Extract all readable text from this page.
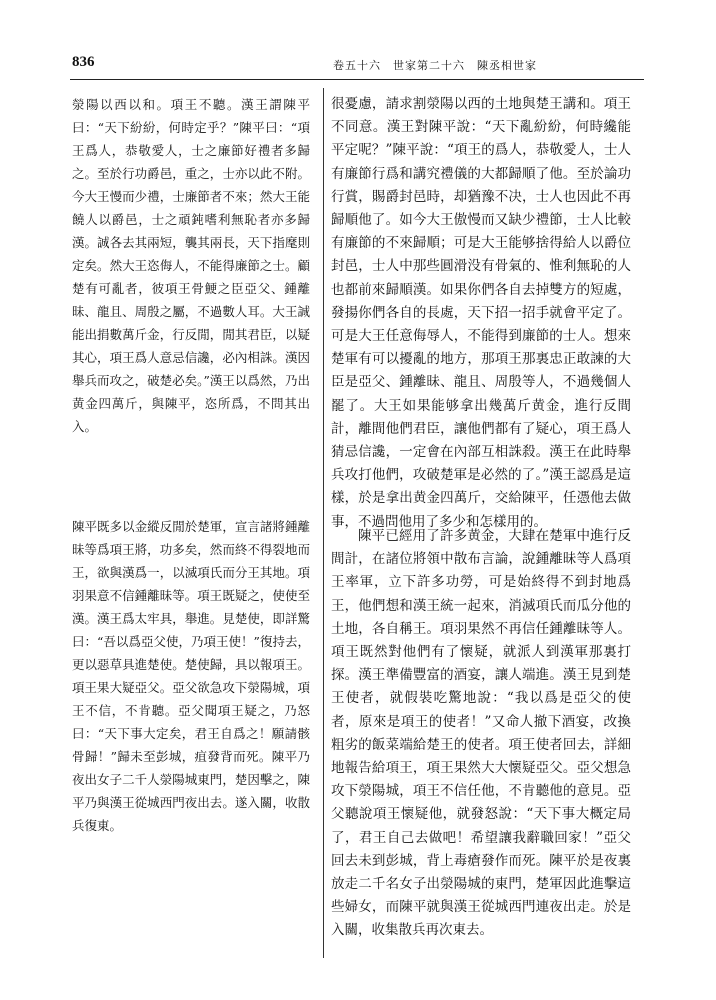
836	卷五十六　世家第二十六　陳丞相世家

滎陽以西以和。項王不聽。漢王謂陳平曰：“天下紛紛，何時定乎？”陳平曰：“項王爲人，恭敬愛人，士之廉節好禮者多歸之。至於行功爵邑，重之，士亦以此不附。今大王慢而少禮，士廉節者不來；然大王能饒人以爵邑，士之頑鈍嗜利無恥者亦多歸漢。誠各去其兩短，襲其兩長，天下指麾則定矣。然大王恣侮人，不能得廉節之士。顧楚有可亂者，彼項王骨鯁之臣亞父、鍾離昧、龍且、周殷之屬，不過數人耳。大王誠能出捐數萬斤金，行反閒，閒其君臣，以疑其心，項王爲人意忌信讒，必內相誅。漢因舉兵而攻之，破楚必矣。”漢王以爲然，乃出黄金四萬斤，與陳平，恣所爲，不問其出入。

陳平既多以金縱反閒於楚軍，宣言諸將鍾離昧等爲項王將，功多矣，然而終不得裂地而王，欲與漢爲一，以滅項氏而分王其地。項羽果意不信鍾離昧等。項王既疑之，使使至漢。漢王爲太牢具，舉進。見楚使，即詳驚曰：“吾以爲亞父使，乃項王使！”復持去，更以惡草具進楚使。楚使歸，具以報項王。項王果大疑亞父。亞父欲急攻下滎陽城，項王不信，不肯聽。亞父聞項王疑之，乃怒曰：“天下事大定矣，君王自爲之！願請骸骨歸！”歸未至彭城，疽發背而死。陳平乃夜出女子二千人滎陽城東門，楚因擊之，陳平乃與漢王從城西門夜出去。遂入關，收散兵復東。

很憂慮，請求割滎陽以西的土地與楚王講和。項王不同意。漢王對陳平說：“天下亂紛紛，何時纔能平定呢？”陳平說：“項王的爲人，恭敬愛人，士人有廉節行爲和講究禮儀的大都歸順了他。至於論功行賞，賜爵封邑時，却猶豫不决，士人也因此不再歸順他了。如今大王傲慢而又缺少禮節，士人比較有廉節的不來歸順；可是大王能够捨得給人以爵位封邑，士人中那些圓滑没有骨氣的、惟利無恥的人也都前來歸順漢。如果你們各自去掉雙方的短處，發揚你們各自的長處，天下招一招手就會平定了。可是大王任意侮辱人，不能得到廉節的士人。想來楚軍有可以擾亂的地方，那項王那裏忠正敢諫的大臣是亞父、鍾離昧、龍且、周殷等人，不過幾個人罷了。大王如果能够拿出幾萬斤黄金，進行反間計，離間他們君臣，讓他們都有了疑心，項王爲人猜忌信讒，一定會在內部互相誅殺。漢王在此時舉兵攻打他們，攻破楚軍是必然的了。”漢王認爲是這樣，於是拿出黄金四萬斤，交給陳平，任憑他去做事，不過問他用了多少和怎樣用的。

陳平已經用了許多黄金，大肆在楚軍中進行反間計，在諸位將領中散布言論，說鍾離昧等人爲項王率軍，立下許多功勞，可是始終得不到封地爲王，他們想和漢王統一起來，消滅項氏而瓜分他的土地，各自稱王。項羽果然不再信任鍾離昧等人。項王既然對他們有了懷疑，就派人到漢軍那裏打探。漢王準備豐富的酒宴，讓人端進。漢王見到楚王使者，就假裝吃驚地說：“我以爲是亞父的使者，原來是項王的使者！”又命人撤下酒宴，改換粗劣的飯菜端給楚王的使者。項王使者回去，詳細地報告給項王，項王果然大大懷疑亞父。亞父想急攻下滎陽城，項王不信任他，不肯聽他的意見。亞父聽說項王懷疑他，就發怒說：“天下事大概定局了，君王自己去做吧！希望讓我辭職回家！”亞父回去未到彭城，背上毒瘡發作而死。陳平於是夜裏放走二千名女子出滎陽城的東門，楚軍因此進擊這些婦女，而陳平就與漢王從城西門連夜出走。於是入關，收集散兵再次東去。
